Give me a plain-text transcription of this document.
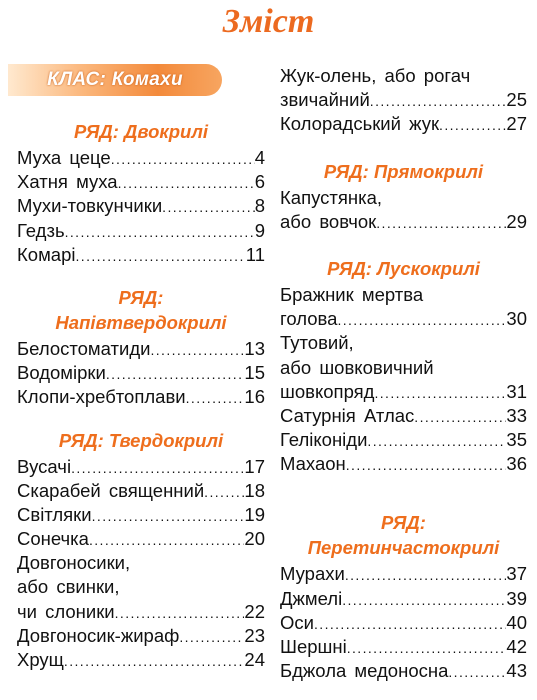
Зміст
КЛАС: Комахи
РЯД: Двокрилі
Муха цеце .....	4
Хатня муха .....	6
Мухи-товкунчики .....	8
Гедзь .....	9
Комарі .....	11
РЯД:
Напівтвердокрилі
Белостоматиди .....	13
Водомірки .....	15
Клопи-хребтоплави .....	16
РЯД: Твердокрилі
Вусачі .....	17
Скарабей священний ..... 18
Світляки .....	19
Сонечка .....	20
Довгоносики,
або свинки,
чи слоники .....	22
Довгоносик-жираф .....	23
Хрущ .....	24
Жук-олень, або рогач
звичайний .....	25
Колорадський жук .....	27
РЯД: Прямокрилі
Капустянка,
або вовчок .....	29
РЯД: Лускокрилі
Бражник мертва
голова .....	30
Тутовий,
або шовковичний
шовкопряд .....	31
Сатурнія Атлас .....	33
Геліконіди .....	35
Махаон .....	36
РЯД:
Перетинчастокрилі
Мурахи .....	37
Джмелі .....	39
Оси .....	40
Шершні .....	42
Бджола медоносна .....	43
